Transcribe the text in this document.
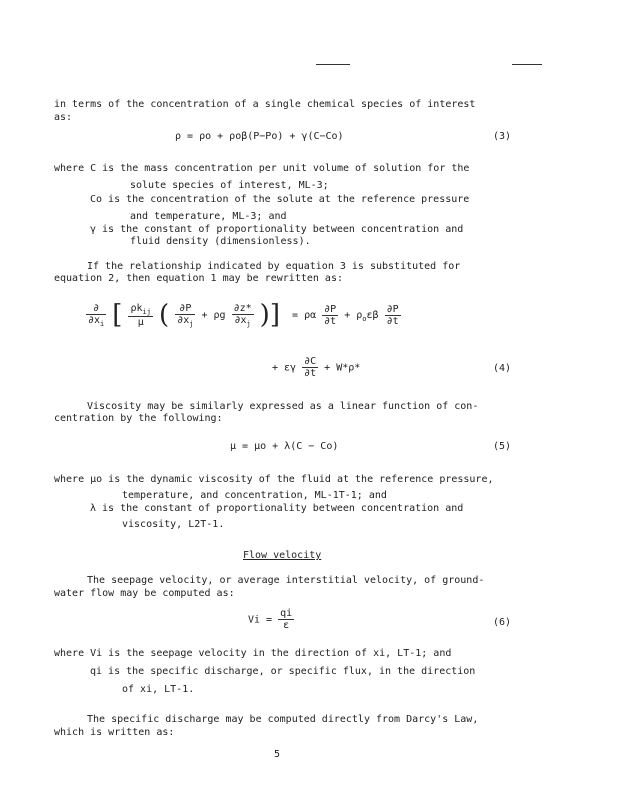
in terms of the concentration of a single chemical species of interest
as:
ρ = ρo + ρoβ(P−Po) + γ(C−Co)	(3)
where C is the mass concentration per unit volume of solution for the
solute species of interest, ML-3;
Co is the concentration of the solute at the reference pressure
and temperature, ML-3; and
γ is the constant of proportionality between concentration and
fluid density (dimensionless).
If the relationship indicated by equation 3 is substituted for
equation 2, then equation 1 may be rewritten as:
$\frac{\partial}{\partial x_i}$ [ $\frac{\rho k_{ij}}{\mu}$ ( $\frac{\partial P}{\partial x_j} + \rho g \frac{\partial z*}{\partial x_j}$ )]  = ρα $\frac{\partial P}{\partial t} + \rho_o\varepsilon\beta \frac{\partial P}{\partial t}$
+ εγ $\frac{\partial C}{\partial t} + W*\rho*$	(4)
Viscosity may be similarly expressed as a linear function of con-
centration by the following:
μ = μo + λ(C − Co)	(5)
where μo is the dynamic viscosity of the fluid at the reference pressure,
temperature, and concentration, ML-1T-1; and
λ is the constant of proportionality between concentration and
viscosity, L2T-1.
Flow velocity
The seepage velocity, or average interstitial velocity, of ground-
water flow may be computed as:
$Vi = \frac{qi}{\varepsilon}$	(6)
where Vi is the seepage velocity in the direction of xi, LT-1; and
qi is the specific discharge, or specific flux, in the direction
of xi, LT-1.
The specific discharge may be computed directly from Darcy's Law,
which is written as:
5
